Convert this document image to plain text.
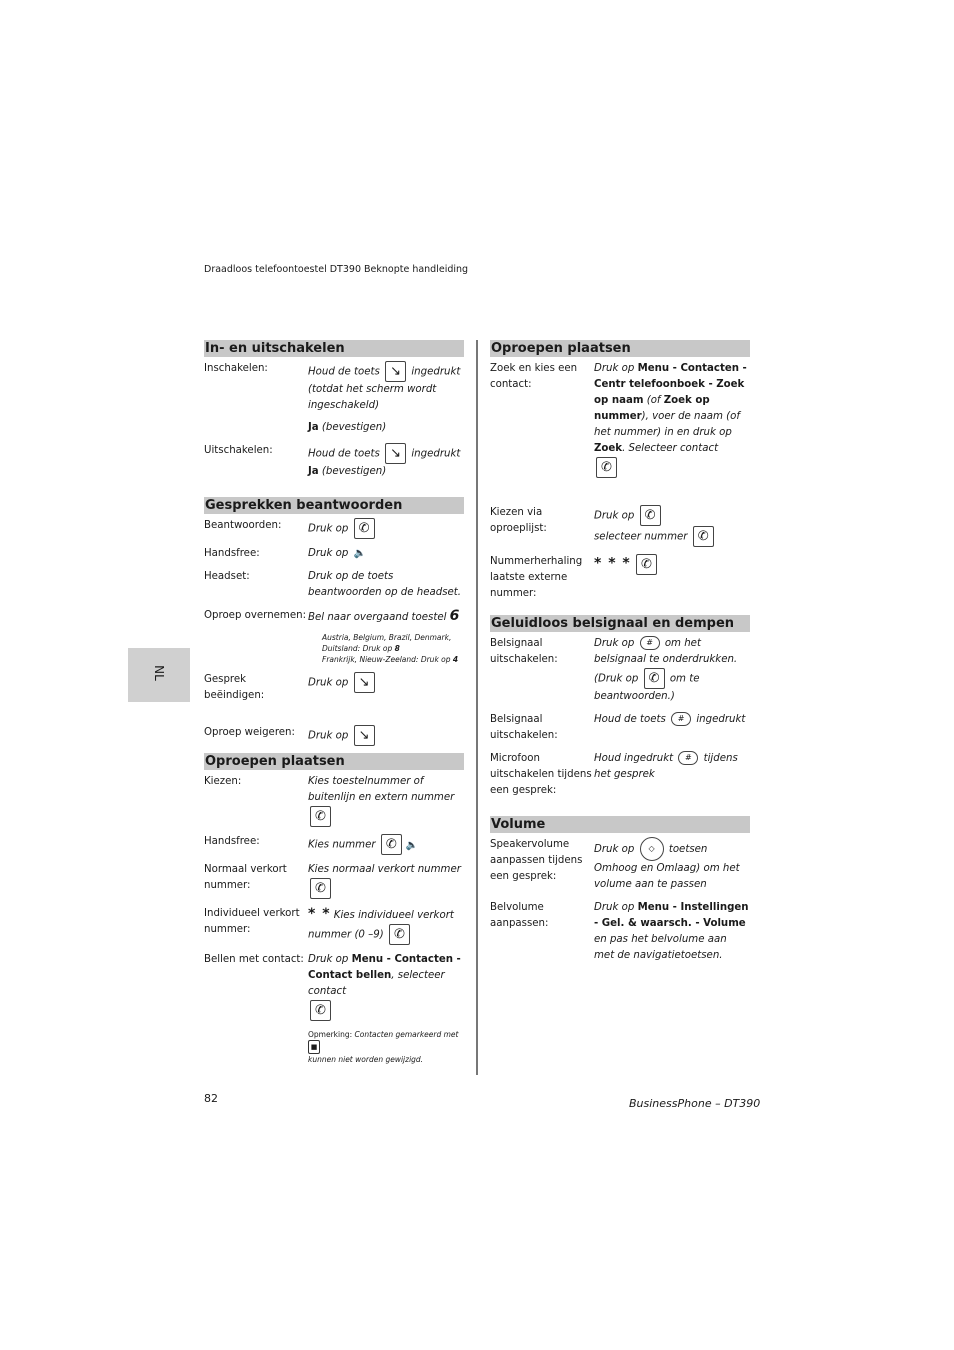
Draadloos telefoontoestel DT390 Beknopte handleiding
NL
In- en uitschakelen
Inschakelen:	Houd de toets ↘ ingedrukt (totdat het scherm wordt ingeschakeld)
Ja (bevestigen)
Uitschakelen:	Houd de toets ↘ ingedrukt
Ja (bevestigen)
Gesprekken beantwoorden
Beantwoorden:	Druk op ✆
Handsfree:	Druk op 🔈
Headset:	Druk op de toets beantwoorden op de headset.
Oproep overnemen: Bel naar overgaand toestel 6
Austria, Belgium, Brazil, Denmark,
Duitsland: Druk op 8
Frankrijk, Nieuw-Zeeland: Druk op 4
Gesprek beëindigen:
Druk op ↘
Oproep weigeren:	Druk op ↘
Oproepen plaatsen
Kiezen:	Kies toestelnummer of buitenlijn en extern nummer ✆
Handsfree:	Kies nummer ✆ 🔈
Normaal verkort nummer:
Kies normaal verkort nummer ✆
Individueel verkort nummer:
* * Kies individueel verkort nummer (0 –9) ✆
Bellen met contact: Druk op Menu - Contacten - Contact bellen, selecteer contact
✆
Opmerking: Contacten gemarkeerd met ■
kunnen niet worden gewijzigd.
Oproepen plaatsen
Zoek en kies een contact:
Druk op Menu - Contacten - Centr telefoonboek - Zoek op naam (of Zoek op nummer), voer de naam (of het nummer) in en druk op Zoek. Selecteer contact
✆
Kiezen via oproeplijst:
Druk op ✆
selecteer nummer ✆
Nummerherhaling laatste externe nummer:
* * * ✆
Geluidloos belsignaal en dempen
Belsignaal uitschakelen:
Druk op # om het belsignaal te onderdrukken. (Druk op ✆ om te beantwoorden.)
Belsignaal uitschakelen:
Houd de toets # ingedrukt
Microfoon uitschakelen tijdens een gesprek:
Houd ingedrukt # tijdens het gesprek
Volume
Speakervolume aanpassen tijdens een gesprek:
Druk op ◇ toetsen Omhoog en Omlaag) om het volume aan te passen
Belvolume aanpassen:
Druk op Menu - Instellingen - Gel. & waarsch. - Volume en pas het belvolume aan met de navigatietoetsen.
82	BusinessPhone – DT390
